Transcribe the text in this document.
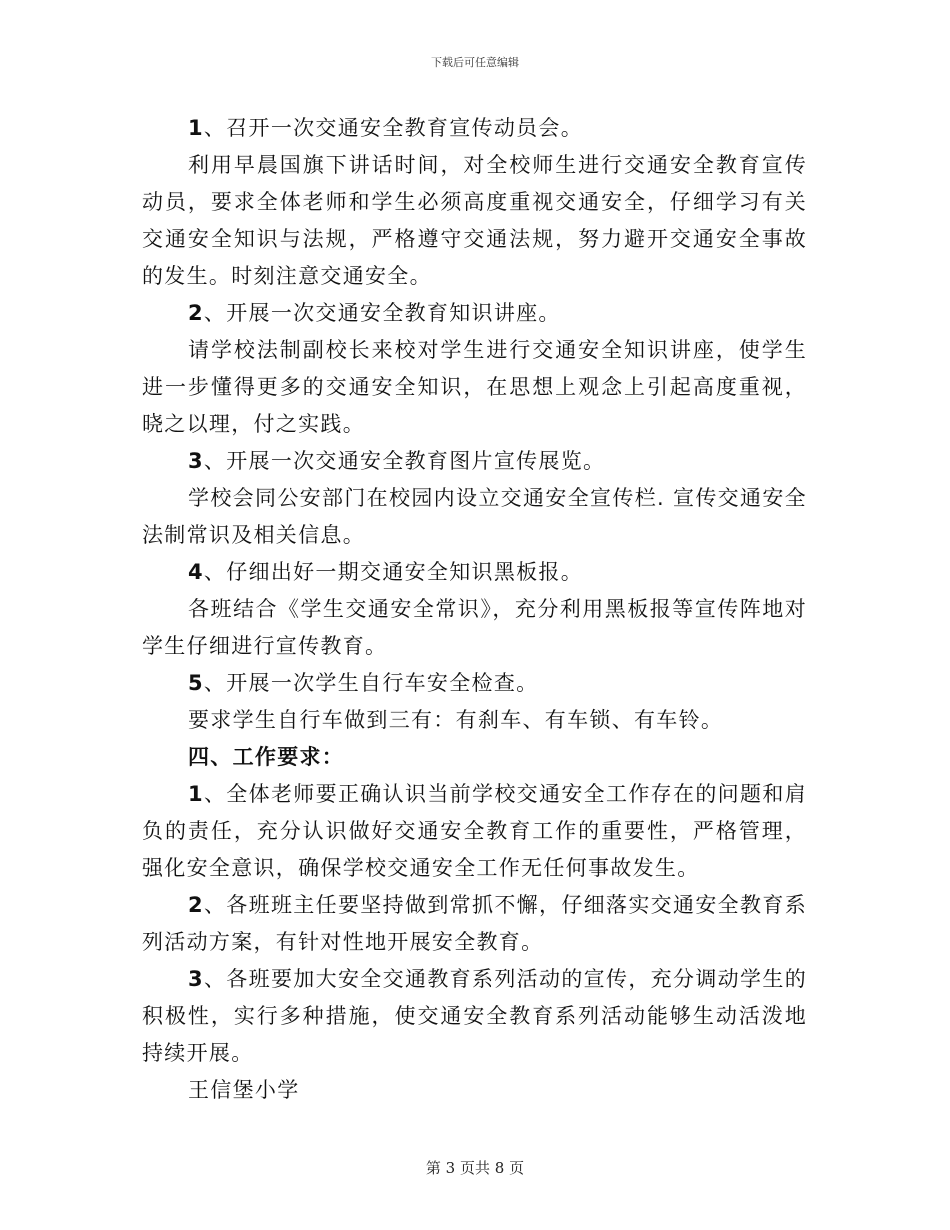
下载后可任意编辑

1、召开一次交通安全教育宣传动员会。

利用早晨国旗下讲话时间，对全校师生进行交通安全教育宣传动员，要求全体老师和学生必须高度重视交通安全，仔细学习有关交通安全知识与法规，严格遵守交通法规，努力避开交通安全事故的发生。时刻注意交通安全。

2、开展一次交通安全教育知识讲座。

请学校法制副校长来校对学生进行交通安全知识讲座，使学生进一步懂得更多的交通安全知识，在思想上观念上引起高度重视，晓之以理，付之实践。

3、开展一次交通安全教育图片宣传展览。

学校会同公安部门在校园内设立交通安全宣传栏. 宣传交通安全法制常识及相关信息。

4、仔细出好一期交通安全知识黑板报。

各班结合《学生交通安全常识》，充分利用黑板报等宣传阵地对学生仔细进行宣传教育。

5、开展一次学生自行车安全检查。

要求学生自行车做到三有：有刹车、有车锁、有车铃。

四、工作要求：

1、全体老师要正确认识当前学校交通安全工作存在的问题和肩负的责任，充分认识做好交通安全教育工作的重要性，严格管理，强化安全意识，确保学校交通安全工作无任何事故发生。

2、各班班主任要坚持做到常抓不懈，仔细落实交通安全教育系列活动方案，有针对性地开展安全教育。

3、各班要加大安全交通教育系列活动的宣传，充分调动学生的积极性，实行多种措施，使交通安全教育系列活动能够生动活泼地持续开展。

王信堡小学

第 3 页共 8 页
